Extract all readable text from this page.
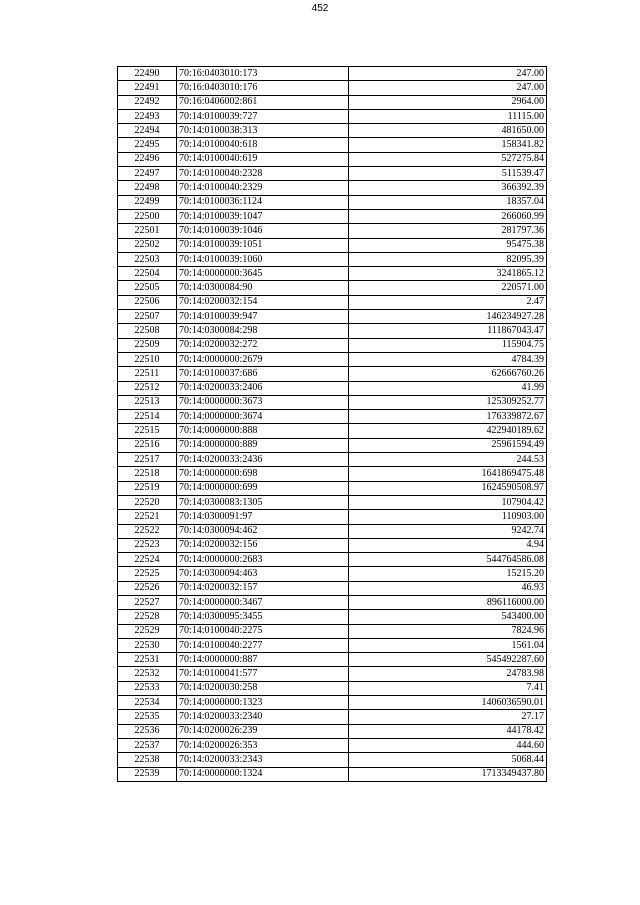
452
22490	70:16:0403010:173	247.00
22491	70:16:0403010:176	247.00
22492	70:16:0406002:861	2964.00
22493	70:14:0100039:727	11115.00
22494	70:14:0100038:313	481650.00
22495	70:14:0100040:618	158341.82
22496	70:14:0100040:619	527275.84
22497	70:14:0100040:2328	511539.47
22498	70:14:0100040:2329	366392.39
22499	70:14:0100036:1124	18357.04
22500	70:14:0100039:1047	266060.99
22501	70:14:0100039:1046	281797.36
22502	70:14:0100039:1051	95475.38
22503	70:14:0100039:1060	82095.39
22504	70:14:0000000:3645	3241865.12
22505	70:14:0300084:90	220571.00
22506	70:14:0200032:154	2.47
22507	70:14:0100039:947	146234927.28
22508	70:14:0300084:298	111867043.47
22509	70:14:0200032:272	115904.75
22510	70:14:0000000:2679	4784.39
22511	70:14:0100037:686	62666760.26
22512	70:14:0200033:2406	41.99
22513	70:14:0000000:3673	125309252.77
22514	70:14:0000000:3674	176339872.67
22515	70:14:0000000:888	422940189.62
22516	70:14:0000000:889	25961594.49
22517	70:14:0200033:2436	244.53
22518	70:14:0000000:698	1641869475.48
22519	70:14:0000000:699	1624590508.97
22520	70:14:0300083:1305	107904.42
22521	70:14:0300091:97	110903.00
22522	70:14:0300094:462	9242.74
22523	70:14:0200032:156	4.94
22524	70:14:0000000:2683	544764586.08
22525	70:14:0300094:463	15215.20
22526	70:14:0200032:157	46.93
22527	70:14:0000000:3467	896116000.00
22528	70:14:0300095:3455	543400.00
22529	70:14:0100040:2275	7824.96
22530	70:14:0100040:2277	1561.04
22531	70:14:0000000:887	545492287.60
22532	70:14:0100041:577	24783.98
22533	70:14:0200030:258	7.41
22534	70:14:0000000:1323	1406036590.01
22535	70:14:0200033:2340	27.17
22536	70:14:0200026:239	44178.42
22537	70:14:0200026:353	444.60
22538	70:14:0200033:2343	5068.44
22539	70:14:0000000:1324	1713349437.80
